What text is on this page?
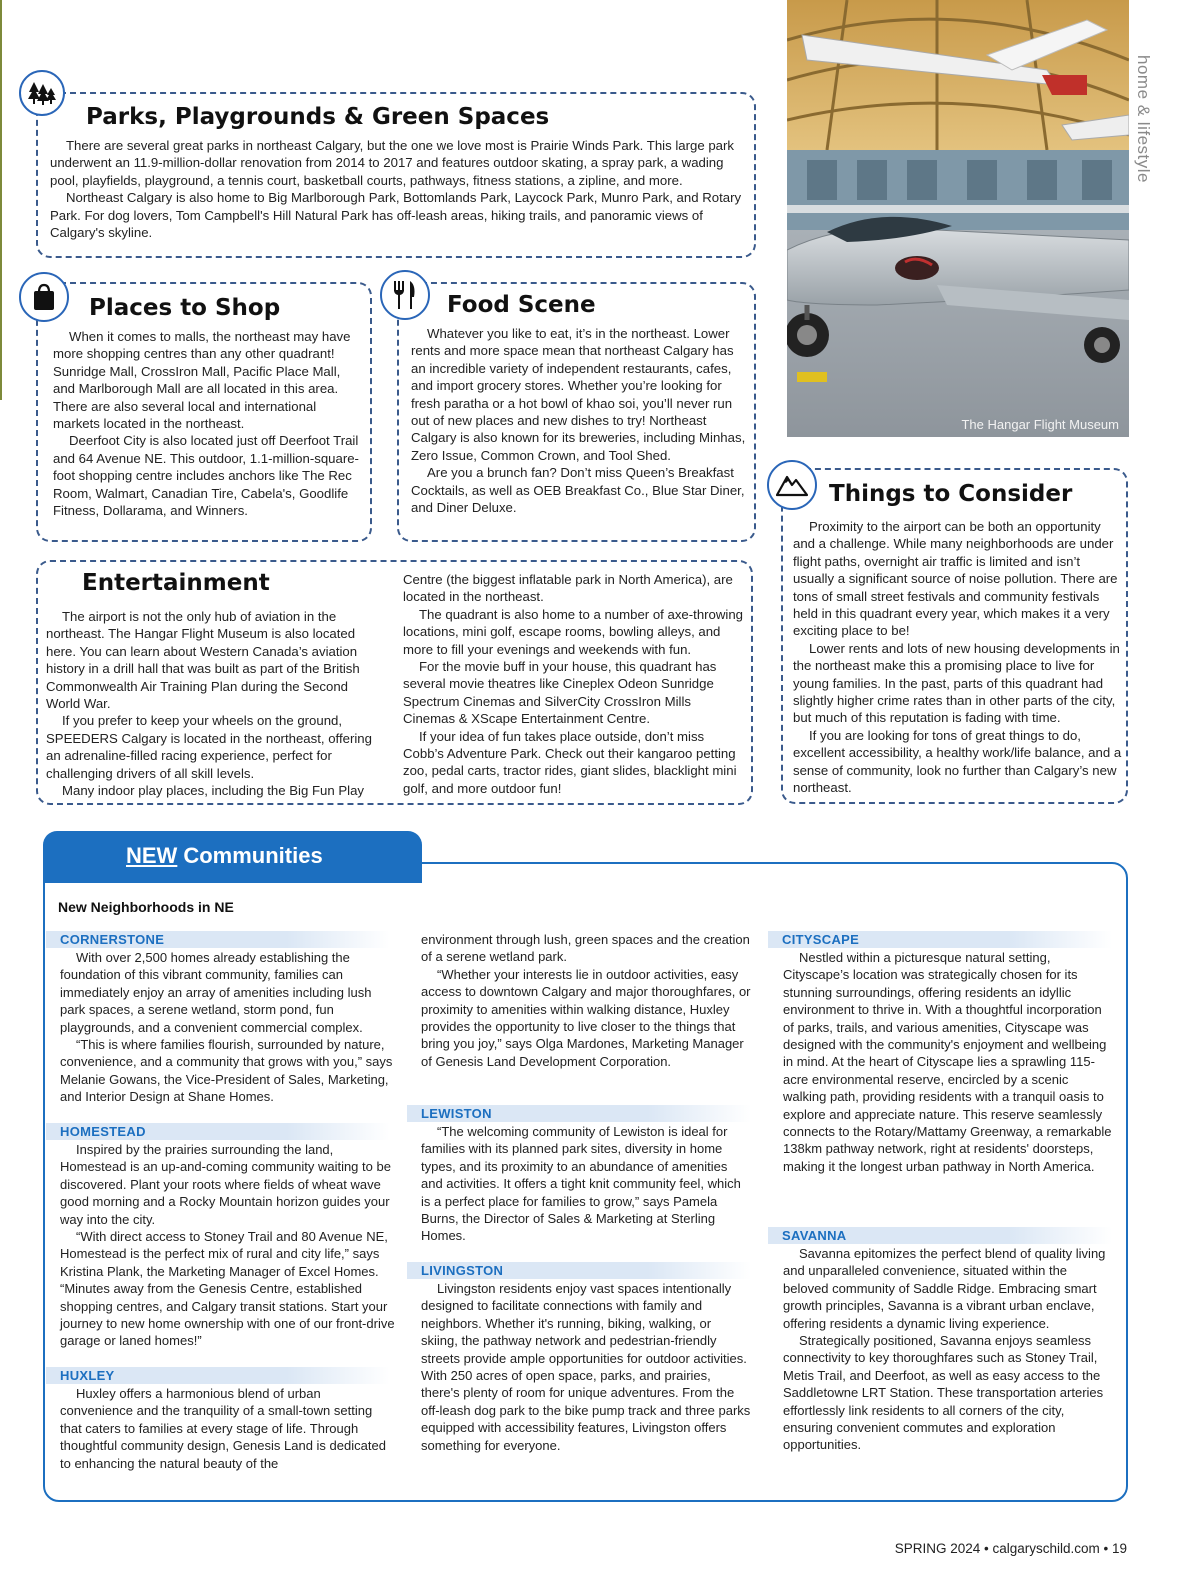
The Hangar Flight Museum
home & lifestyle
Parks, Playgrounds & Green Spaces

There are several great parks in northeast Calgary, but the one we love most is Prairie Winds Park. This large park underwent an 11.9-million-dollar renovation from 2014 to 2017 and features outdoor skating, a spray park, a wading pool, playfields, playground, a tennis court, basketball courts, pathways, fitness stations, a zipline, and more.

Northeast Calgary is also home to Big Marlborough Park, Bottomlands Park, Laycock Park, Munro Park, and Rotary Park. For dog lovers, Tom Campbell's Hill Natural Park has off-leash areas, hiking trails, and panoramic views of Calgary's skyline.

Places to Shop

When it comes to malls, the northeast may have more shopping centres than any other quadrant! Sunridge Mall, CrossIron Mall, Pacific Place Mall, and Marlborough Mall are all located in this area. There are also several local and international markets located in the northeast.

Deerfoot City is also located just off Deerfoot Trail and 64 Avenue NE. This outdoor, 1.1-million-square-foot shopping centre includes anchors like The Rec Room, Walmart, Canadian Tire, Cabela's, Goodlife Fitness, Dollarama, and Winners.

Food Scene

Whatever you like to eat, it’s in the northeast. Lower rents and more space mean that northeast Calgary has an incredible variety of independent restaurants, cafes, and import grocery stores. Whether you’re looking for fresh paratha or a hot bowl of khao soi, you’ll never run out of new places and new dishes to try! Northeast Calgary is also known for its breweries, including Minhas, Zero Issue, Common Crown, and Tool Shed.

Are you a brunch fan? Don’t miss Queen’s Breakfast Cocktails, as well as OEB Breakfast Co., Blue Star Diner, and Diner Deluxe.

Things to Consider

Proximity to the airport can be both an opportunity and a challenge. While many neighborhoods are under flight paths, overnight air traffic is limited and isn’t usually a significant source of noise pollution. There are tons of small street festivals and community festivals held in this quadrant every year, which makes it a very exciting place to be!

Lower rents and lots of new housing developments in the northeast make this a promising place to live for young families. In the past, parts of this quadrant had slightly higher crime rates than in other parts of the city, but much of this reputation is fading with time.

If you are looking for tons of great things to do, excellent accessibility, a healthy work/life balance, and a sense of community, look no further than Calgary’s new northeast.

Entertainment

The airport is not the only hub of aviation in the northeast. The Hangar Flight Museum is also located here. You can learn about Western Canada’s aviation history in a drill hall that was built as part of the British Commonwealth Air Training Plan during the Second World War.

If you prefer to keep your wheels on the ground, SPEEDERS Calgary is located in the northeast, offering an adrenaline-filled racing experience, perfect for challenging drivers of all skill levels.

Many indoor play places, including the Big Fun Play

Centre (the biggest inflatable park in North America), are located in the northeast.

The quadrant is also home to a number of axe-throwing locations, mini golf, escape rooms, bowling alleys, and more to fill your evenings and weekends with fun.

For the movie buff in your house, this quadrant has several movie theatres like Cineplex Odeon Sunridge Spectrum Cinemas and SilverCity CrossIron Mills Cinemas & XScape Entertainment Centre.

If your idea of fun takes place outside, don’t miss Cobb’s Adventure Park. Check out their kangaroo petting zoo, pedal carts, tractor rides, giant slides, blacklight mini golf, and more outdoor fun!

NEW Communities
New Neighborhoods in NE
CORNERSTONE

With over 2,500 homes already establishing the foundation of this vibrant community, families can immediately enjoy an array of amenities including lush park spaces, a serene wetland, storm pond, fun playgrounds, and a convenient commercial complex.

“This is where families flourish, surrounded by nature, convenience, and a community that grows with you,” says Melanie Gowans, the Vice-President of Sales, Marketing, and Interior Design at Shane Homes.

HOMESTEAD

Inspired by the prairies surrounding the land, Homestead is an up-and-coming community waiting to be discovered. Plant your roots where fields of wheat wave good morning and a Rocky Mountain horizon guides your way into the city.

“With direct access to Stoney Trail and 80 Avenue NE, Homestead is the perfect mix of rural and city life,” says Kristina Plank, the Marketing Manager of Excel Homes. “Minutes away from the Genesis Centre, established shopping centres, and Calgary transit stations. Start your journey to new home ownership with one of our front-drive garage or laned homes!”

HUXLEY

Huxley offers a harmonious blend of urban convenience and the tranquility of a small-town setting that caters to families at every stage of life. Through thoughtful community design, Genesis Land is dedicated to enhancing the natural beauty of the

environment through lush, green spaces and the creation of a serene wetland park.

“Whether your interests lie in outdoor activities, easy access to downtown Calgary and major thoroughfares, or proximity to amenities within walking distance, Huxley provides the opportunity to live closer to the things that bring you joy,” says Olga Mardones, Marketing Manager of Genesis Land Development Corporation.

LEWISTON

“The welcoming community of Lewiston is ideal for families with its planned park sites, diversity in home types, and its proximity to an abundance of amenities and activities. It offers a tight knit community feel, which is a perfect place for families to grow,” says Pamela Burns, the Director of Sales & Marketing at Sterling Homes.

LIVINGSTON

Livingston residents enjoy vast spaces intentionally designed to facilitate connections with family and neighbors. Whether it's running, biking, walking, or skiing, the pathway network and pedestrian-friendly streets provide ample opportunities for outdoor activities. With 250 acres of open space, parks, and prairies, there's plenty of room for unique adventures. From the off-leash dog park to the bike pump track and three parks equipped with accessibility features, Livingston offers something for everyone.

CITYSCAPE

Nestled within a picturesque natural setting, Cityscape’s location was strategically chosen for its stunning surroundings, offering residents an idyllic environment to thrive in. With a thoughtful incorporation of parks, trails, and various amenities, Cityscape was designed with the community's enjoyment and wellbeing in mind. At the heart of Cityscape lies a sprawling 115-acre environmental reserve, encircled by a scenic walking path, providing residents with a tranquil oasis to explore and appreciate nature. This reserve seamlessly connects to the Rotary/Mattamy Greenway, a remarkable 138km pathway network, right at residents' doorsteps, making it the longest urban pathway in North America.

SAVANNA

Savanna epitomizes the perfect blend of quality living and unparalleled convenience, situated within the beloved community of Saddle Ridge. Embracing smart growth principles, Savanna is a vibrant urban enclave, offering residents a dynamic living experience.

Strategically positioned, Savanna enjoys seamless connectivity to key thoroughfares such as Stoney Trail, Metis Trail, and Deerfoot, as well as easy access to the Saddletowne LRT Station. These transportation arteries effortlessly link residents to all corners of the city, ensuring convenient commutes and exploration opportunities.

SPRING 2024 • calgaryschild.com • 19
